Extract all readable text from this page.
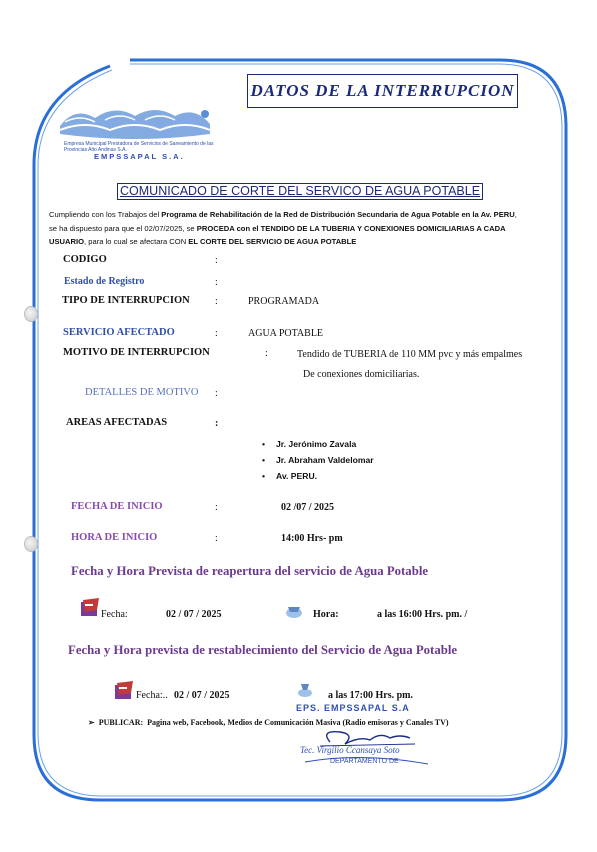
DATOS DE LA INTERRUPCION
Empresa Municipal Prestadora de Servicios de Saneamiento de las Provincias Alto Andinas S.A.
EMPSSAPAL S.A.
COMUNICADO DE CORTE DEL SERVICO DE AGUA POTABLE
Cumpliendo con los Trabajos del Programa de Rehabilitación de la Red de Distribución Secundaria de Agua Potable en la Av. PERU, se ha dispuesto para que el 02/07/2025, se PROCEDA con el TENDIDO DE LA TUBERIA Y CONEXIONES DOMICILIARIAS A CADA USUARIO, para lo cual se afectara CON EL CORTE DEL SERVICIO DE AGUA POTABLE
CODIGO	:
Estado de Registro	:
TIPO DE INTERRUPCION	:	PROGRAMADA
SERVICIO AFECTADO	:	AGUA POTABLE
MOTIVO DE INTERRUPCION	:	Tendido de TUBERIA de 110 MM pvc y más empalmes
De conexiones domiciliarias.
DETALLES DE MOTIVO :
AREAS AFECTADAS	:
• Jr. Jerónimo Zavala
• Jr. Abraham Valdelomar
• Av. PERU.
FECHA DE INICIO	:	02 /07 / 2025
HORA DE INICIO	:	14:00 Hrs- pm
Fecha y Hora Prevista de reapertura del servicio de Agua Potable
Fecha:	02 / 07 / 2025	Hora:	a las 16:00 Hrs. pm. /
Fecha y Hora prevista de restablecimiento del Servicio de Agua Potable
Fecha:.. 02 / 07 / 2025	a las 17:00 Hrs. pm.
EPS. EMPSSAPAL S.A
➢ PUBLICAR: Pagina web, Facebook, Medios de Comunicación Masiva (Radio emisoras y Canales TV)
Tec. Virgilio Ccansaya Soto
DEPARTAMENTO DE
